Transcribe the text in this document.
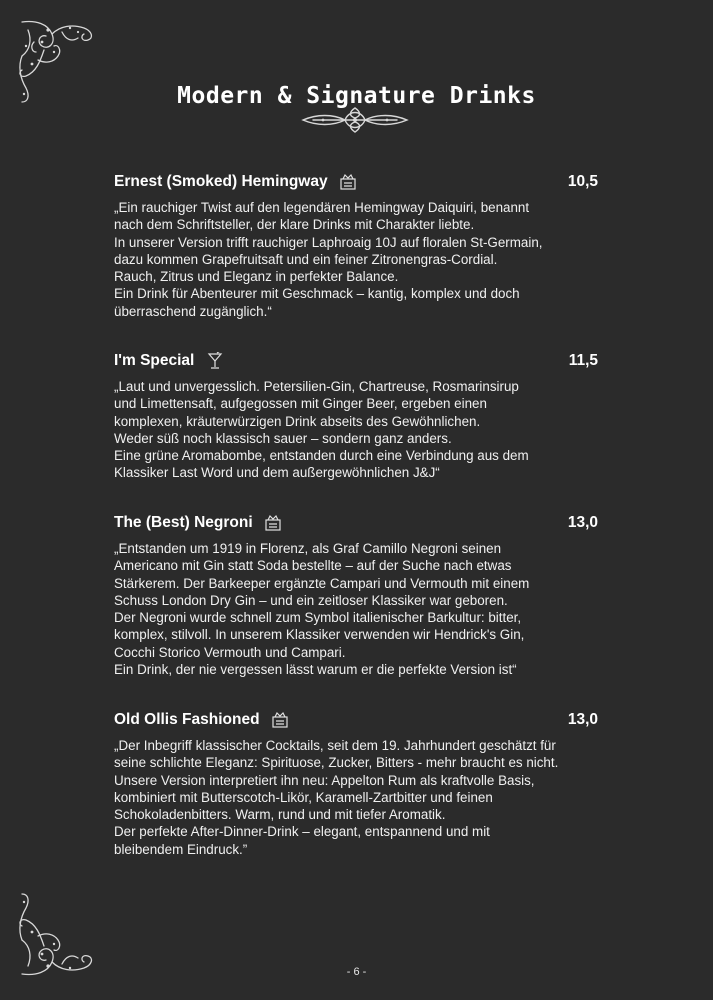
Modern & Signature Drinks
Ernest (Smoked) Hemingway	10,5
„Ein rauchiger Twist auf den legendären Hemingway Daiquiri, benannt
nach dem Schriftsteller, der klare Drinks mit Charakter liebte.
In unserer Version trifft rauchiger Laphroaig 10J auf floralen St-Germain,
dazu kommen Grapefruitsaft und ein feiner Zitronengras-Cordial.
Rauch, Zitrus und Eleganz in perfekter Balance.
Ein Drink für Abenteurer mit Geschmack – kantig, komplex und doch
überraschend zugänglich.“
I'm Special	11,5
„Laut und unvergesslich. Petersilien-Gin, Chartreuse, Rosmarinsirup
und Limettensaft, aufgegossen mit Ginger Beer, ergeben einen
komplexen, kräuterwürzigen Drink abseits des Gewöhnlichen.
Weder süß noch klassisch sauer – sondern ganz anders.
Eine grüne Aromabombe, entstanden durch eine Verbindung aus dem
Klassiker Last Word und dem außergewöhnlichen J&J“
The (Best) Negroni	13,0
„Entstanden um 1919 in Florenz, als Graf Camillo Negroni seinen
Americano mit Gin statt Soda bestellte – auf der Suche nach etwas
Stärkerem. Der Barkeeper ergänzte Campari und Vermouth mit einem
Schuss London Dry Gin – und ein zeitloser Klassiker war geboren.
Der Negroni wurde schnell zum Symbol italienischer Barkultur: bitter,
komplex, stilvoll. In unserem Klassiker verwenden wir Hendrick's Gin,
Cocchi Storico Vermouth und Campari.
Ein Drink, der nie vergessen lässt warum er die perfekte Version ist“
Old Ollis Fashioned	13,0
„Der Inbegriff klassischer Cocktails, seit dem 19. Jahrhundert geschätzt für
seine schlichte Eleganz: Spirituose, Zucker, Bitters - mehr braucht es nicht.
Unsere Version interpretiert ihn neu: Appelton Rum als kraftvolle Basis,
kombiniert mit Butterscotch-Likör, Karamell-Zartbitter und feinen
Schokoladenbitters. Warm, rund und mit tiefer Aromatik.
Der perfekte After-Dinner-Drink – elegant, entspannend und mit
bleibendem Eindruck.”
- 6 -
